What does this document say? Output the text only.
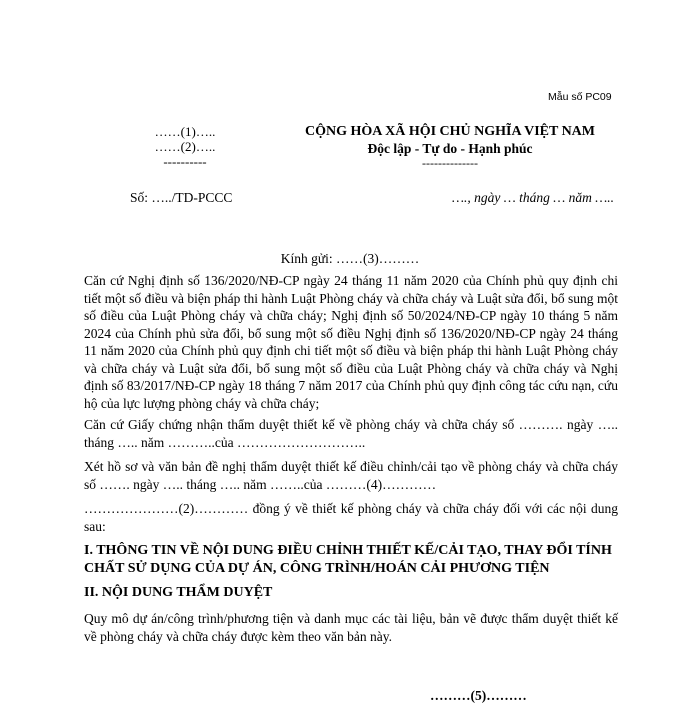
Mẫu số PC09
……(1)…..
……(2)…..
----------
CỘNG HÒA XÃ HỘI CHỦ NGHĨA VIỆT NAM
Độc lập - Tự do - Hạnh phúc
--------------
Số: …../TD-PCCC	…., ngày … tháng … năm …..
Kính gửi: ……(3)………
Căn cứ Nghị định số 136/2020/NĐ-CP ngày 24 tháng 11 năm 2020 của Chính phủ quy định chi tiết một số điều và biện pháp thi hành Luật Phòng cháy và chữa cháy và Luật sửa đổi, bổ sung một số điều của Luật Phòng cháy và chữa cháy; Nghị định số 50/2024/NĐ-CP ngày 10 tháng 5 năm 2024 của Chính phủ sửa đổi, bổ sung một số điều Nghị định số 136/2020/NĐ-CP ngày 24 tháng 11 năm 2020 của Chính phủ quy định chi tiết một số điều và biện pháp thi hành Luật Phòng cháy và chữa cháy và Luật sửa đổi, bổ sung một số điều của Luật Phòng cháy và chữa cháy và Nghị định số 83/2017/NĐ-CP ngày 18 tháng 7 năm 2017 của Chính phủ quy định công tác cứu nạn, cứu hộ của lực lượng phòng cháy và chữa cháy;
Căn cứ Giấy chứng nhận thẩm duyệt thiết kế về phòng cháy và chữa cháy số ………. ngày ….. tháng ….. năm ………..của ………………………..
Xét hồ sơ và văn bản đề nghị thẩm duyệt thiết kế điều chỉnh/cải tạo về phòng cháy và chữa cháy số ……. ngày ….. tháng ….. năm ……..của ………(4)…………
…………………(2)………… đồng ý về thiết kế phòng cháy và chữa cháy đối với các nội dung sau:
I. THÔNG TIN VỀ NỘI DUNG ĐIỀU CHỈNH THIẾT KẾ/CẢI TẠO, THAY ĐỔI TÍNH CHẤT SỬ DỤNG CỦA DỰ ÁN, CÔNG TRÌNH/HOÁN CẢI PHƯƠNG TIỆN
II. NỘI DUNG THẨM DUYỆT
Quy mô dự án/công trình/phương tiện và danh mục các tài liệu, bản vẽ được thẩm duyệt thiết kế về phòng cháy và chữa cháy được kèm theo văn bản này.
………(5)………
